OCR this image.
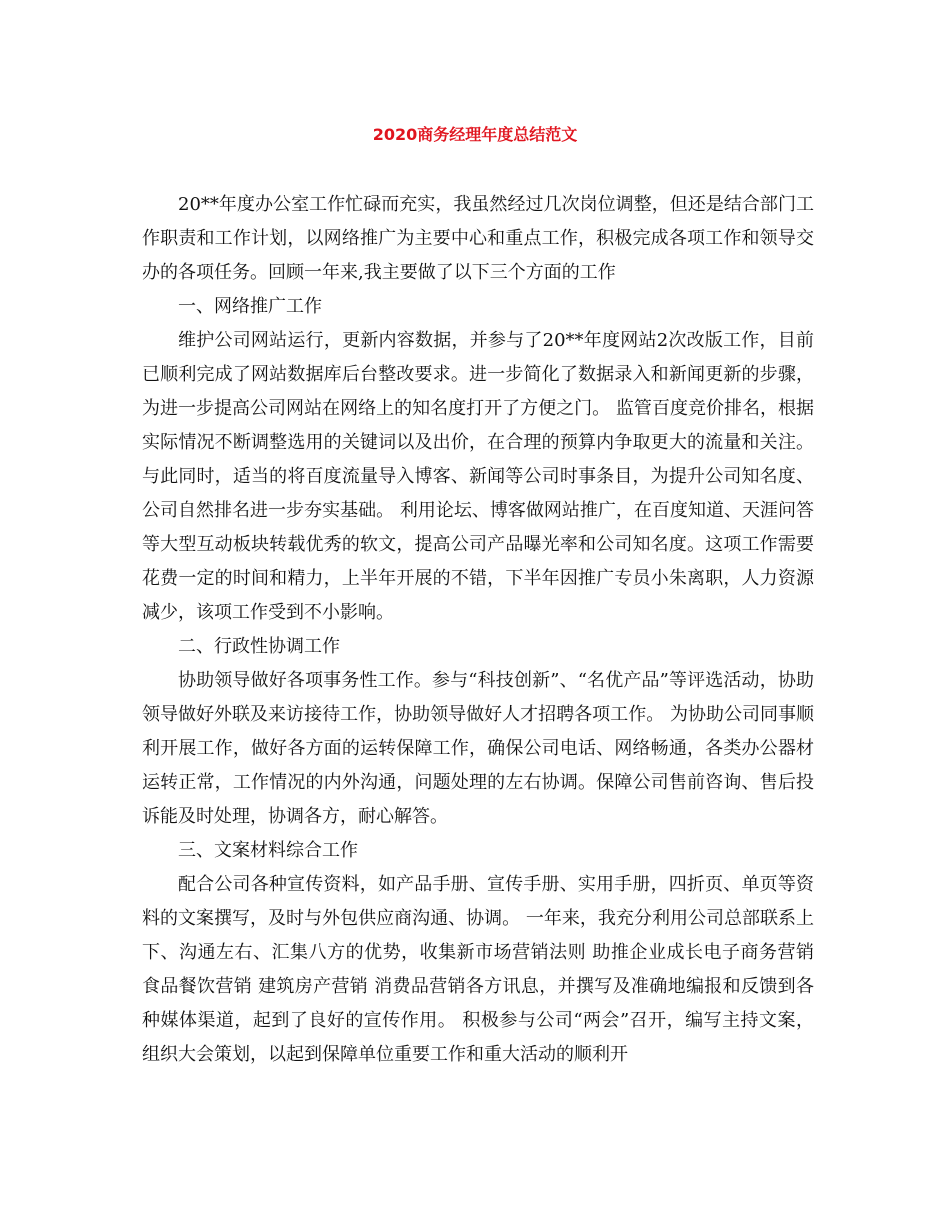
2020商务经理年度总结范文

20**年度办公室工作忙碌而充实，我虽然经过几次岗位调整，但还是结合部门工作职责和工作计划，以网络推广为主要中心和重点工作，积极完成各项工作和领导交办的各项任务。回顾一年来,我主要做了以下三个方面的工作

一、网络推广工作

维护公司网站运行，更新内容数据，并参与了20**年度网站2次改版工作，目前已顺利完成了网站数据库后台整改要求。进一步简化了数据录入和新闻更新的步骤，为进一步提高公司网站在网络上的知名度打开了方便之门。 监管百度竞价排名，根据实际情况不断调整选用的关键词以及出价，在合理的预算内争取更大的流量和关注。与此同时，适当的将百度流量导入博客、新闻等公司时事条目，为提升公司知名度、公司自然排名进一步夯实基础。 利用论坛、博客做网站推广，在百度知道、天涯问答等大型互动板块转载优秀的软文，提高公司产品曝光率和公司知名度。这项工作需要花费一定的时间和精力，上半年开展的不错，下半年因推广专员小朱离职，人力资源减少，该项工作受到不小影响。

二、行政性协调工作

协助领导做好各项事务性工作。参与“科技创新”、“名优产品”等评选活动，协助领导做好外联及来访接待工作，协助领导做好人才招聘各项工作。 为协助公司同事顺利开展工作，做好各方面的运转保障工作，确保公司电话、网络畅通，各类办公器材运转正常，工作情况的内外沟通，问题处理的左右协调。保障公司售前咨询、售后投诉能及时处理，协调各方，耐心解答。

三、文案材料综合工作

配合公司各种宣传资料，如产品手册、宣传手册、实用手册，四折页、单页等资料的文案撰写，及时与外包供应商沟通、协调。 一年来，我充分利用公司总部联系上下、沟通左右、汇集八方的优势，收集新市场营销法则 助推企业成长电子商务营销 食品餐饮营销 建筑房产营销 消费品营销各方讯息，并撰写及准确地编报和反馈到各种媒体渠道，起到了良好的宣传作用。 积极参与公司“两会”召开，编写主持文案，组织大会策划，以起到保障单位重要工作和重大活动的顺利开
